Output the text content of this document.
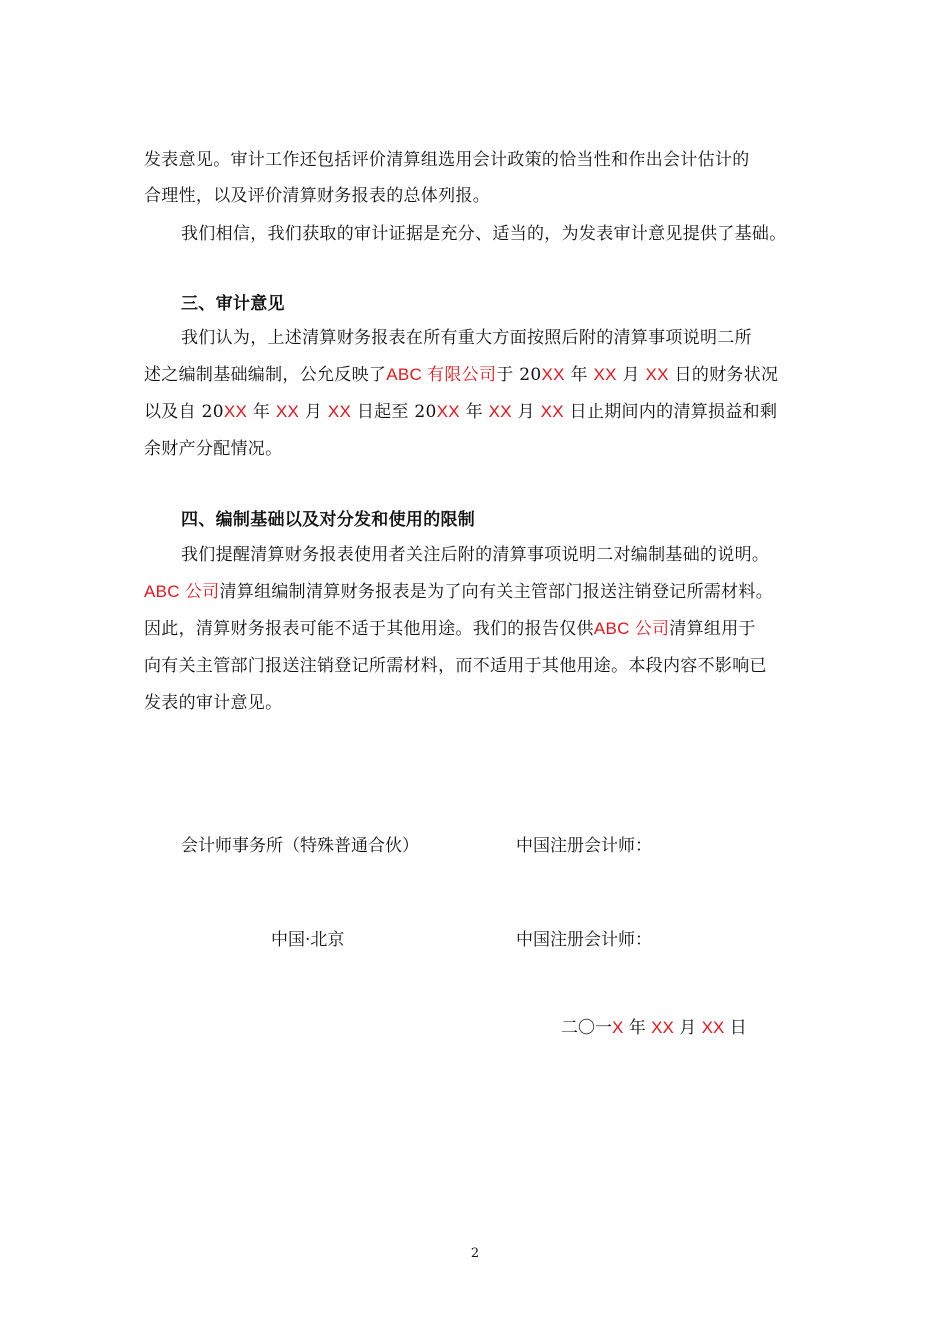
发表意见。审计工作还包括评价清算组选用会计政策的恰当性和作出会计估计的
合理性，以及评价清算财务报表的总体列报。
我们相信，我们获取的审计证据是充分、适当的，为发表审计意见提供了基础。
三、审计意见
我们认为，上述清算财务报表在所有重大方面按照后附的清算事项说明二所
述之编制基础编制，公允反映了ABC 有限公司于 20XX 年 XX 月 XX 日的财务状况
以及自 20XX 年 XX 月 XX 日起至 20XX 年 XX 月 XX 日止期间内的清算损益和剩
余财产分配情况。
四、编制基础以及对分发和使用的限制
我们提醒清算财务报表使用者关注后附的清算事项说明二对编制基础的说明。
ABC 公司清算组编制清算财务报表是为了向有关主管部门报送注销登记所需材料。
因此，清算财务报表可能不适于其他用途。我们的报告仅供ABC 公司清算组用于
向有关主管部门报送注销登记所需材料，而不适用于其他用途。本段内容不影响已
发表的审计意见。
会计师事务所（特殊普通合伙）	中国注册会计师：
中国·北京	中国注册会计师：
二〇一X 年 XX 月 XX 日
2
